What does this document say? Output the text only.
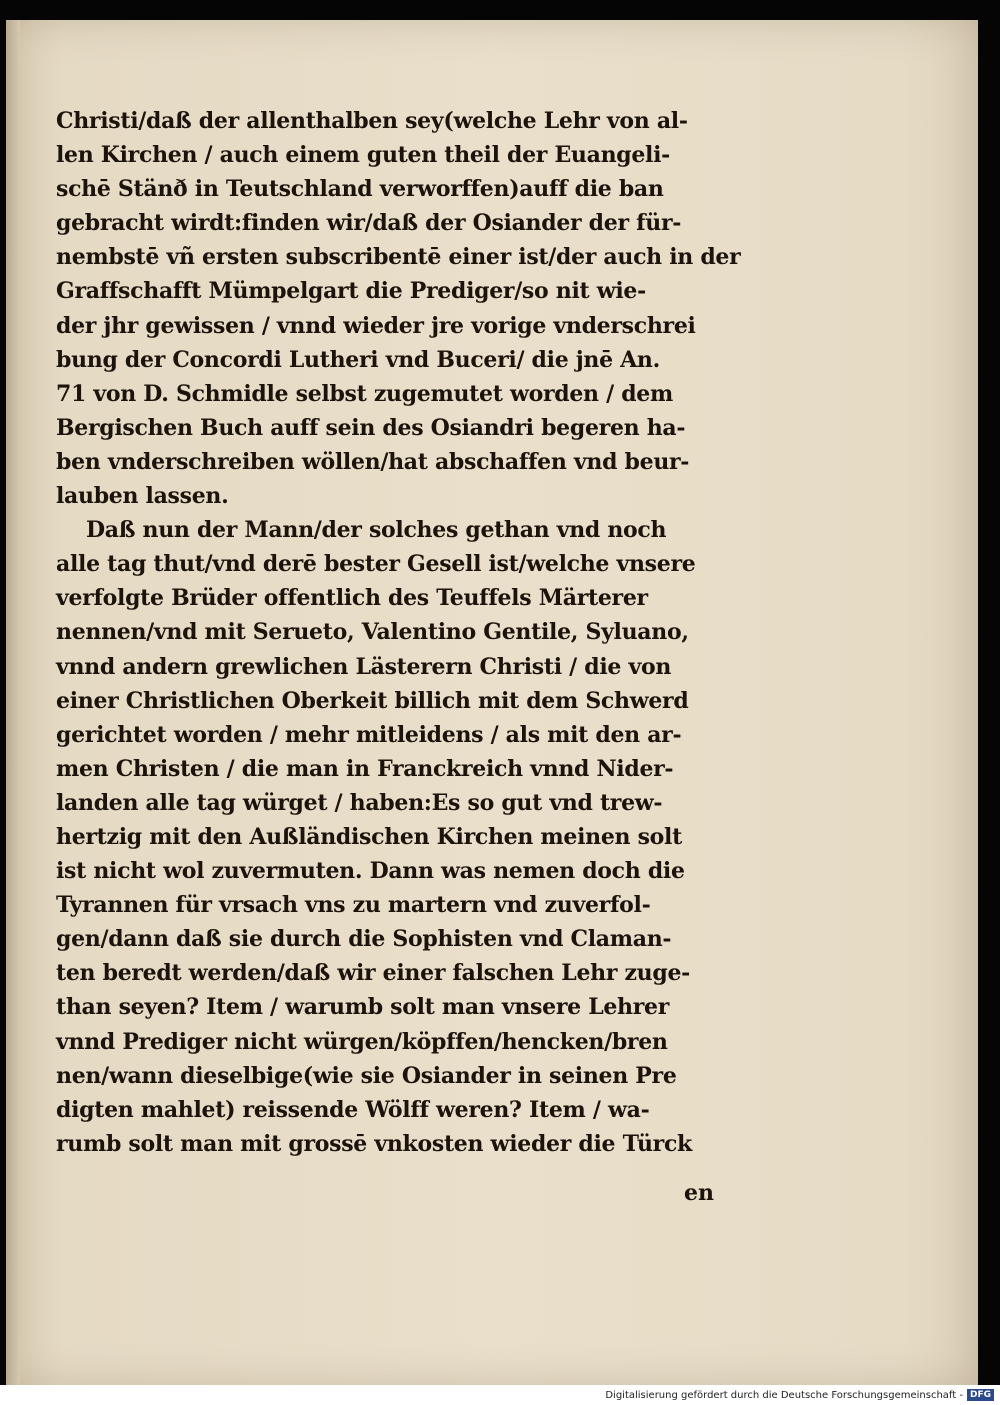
Christi/daß der allenthalben sey(welche Lehr von al-
len Kirchen / auch einem guten theil der Euangeli-
schē Stänð in Teutschland verworffen)auff die ban
gebracht wirdt:finden wir/daß der Osiander der für-
nembstē vñ ersten subscribentē einer ist/der auch in der
Graffschafft Mümpelgart die Prediger/so nit wie-
der jhr gewissen / vnnd wieder jre vorige vnderschrei
bung der Concordi Lutheri vnd Buceri/ die jnē An.
71 von D. Schmidle selbst zugemutet worden / dem
Bergischen Buch auff sein des Osiandri begeren ha-
ben vnderschreiben wöllen/hat abschaffen vnd beur-
lauben lassen.
Daß nun der Mann/der solches gethan vnd noch
alle tag thut/vnd derē bester Gesell ist/welche vnsere
verfolgte Brüder offentlich des Teuffels Märterer
nennen/vnd mit Serueto, Valentino Gentile, Syluano,
vnnd andern grewlichen Lästerern Christi / die von
einer Christlichen Oberkeit billich mit dem Schwerd
gerichtet worden / mehr mitleidens / als mit den ar-
men Christen / die man in Franckreich vnnd Nider-
landen alle tag würget / haben:Es so gut vnd trew-
hertzig mit den Außländischen Kirchen meinen solt
ist nicht wol zuvermuten. Dann was nemen doch die
Tyrannen für vrsach vns zu martern vnd zuverfol-
gen/dann daß sie durch die Sophisten vnd Claman-
ten beredt werden/daß wir einer falschen Lehr zuge-
than seyen? Item / warumb solt man vnsere Lehrer
vnnd Prediger nicht würgen/köpffen/hencken/bren
nen/wann dieselbige(wie sie Osiander in seinen Pre
digten mahlet) reissende Wölff weren? Item / wa-
rumb solt man mit grossē vnkosten wieder die Türck
en
Digitalisierung gefördert durch die Deutsche Forschungsgemeinschaft - DFG
